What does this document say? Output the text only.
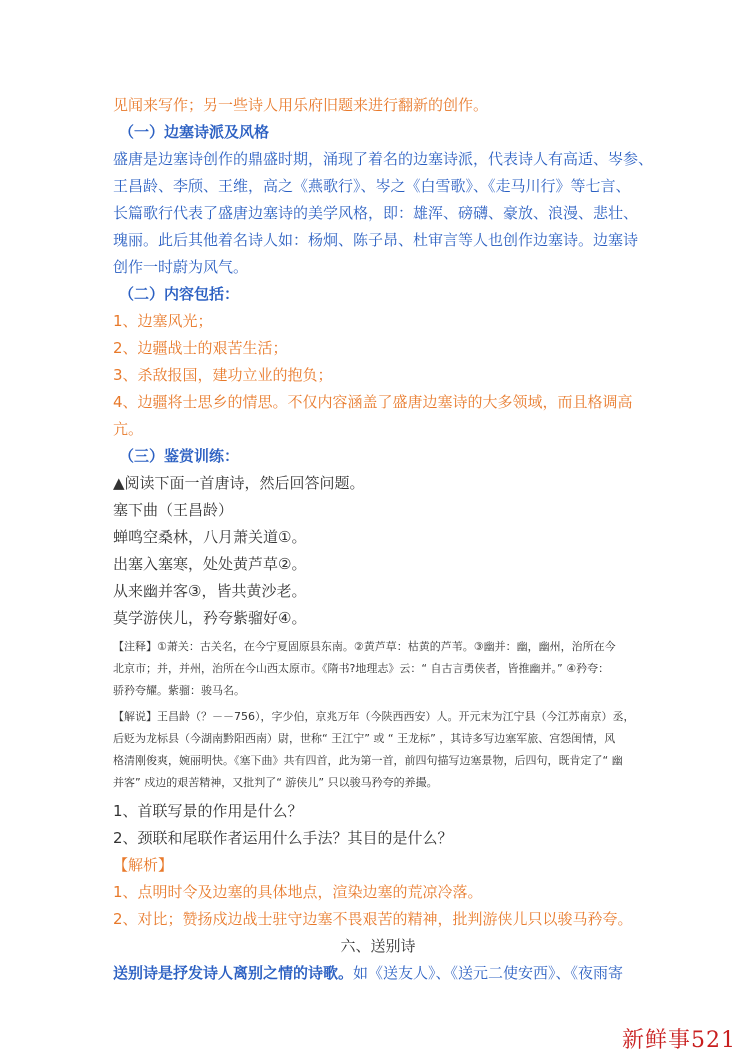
见闻来写作；另一些诗人用乐府旧题来进行翻新的创作。
（一）边塞诗派及风格
盛唐是边塞诗创作的鼎盛时期，涌现了着名的边塞诗派，代表诗人有高适、岑参、
王昌龄、李颀、王维，高之《燕歌行》、岑之《白雪歌》、《走马川行》等七言、
长篇歌行代表了盛唐边塞诗的美学风格，即：雄浑、磅礴、豪放、浪漫、悲壮、
瑰丽。此后其他着名诗人如：杨炯、陈子昂、杜审言等人也创作边塞诗。边塞诗
创作一时蔚为风气。
（二）内容包括：
1、边塞风光；
2、边疆战士的艰苦生活；
3、杀敌报国，建功立业的抱负；
4、边疆将士思乡的情思。不仅内容涵盖了盛唐边塞诗的大多领域，而且格调高
亢。
（三）鉴赏训练：
▲阅读下面一首唐诗，然后回答问题。
塞下曲（王昌龄）
蝉鸣空桑林，八月萧关道①。
出塞入塞寒，处处黄芦草②。
从来幽并客③，皆共黄沙老。
莫学游侠儿，矜夸紫骝好④。
【注释】①萧关：古关名，在今宁夏固原县东南。②黄芦草：枯黄的芦苇。③幽并：幽，幽州，治所在今
北京市；并，并州，治所在今山西太原市。《隋书?地理志》云：“ 自古言勇侠者，皆推幽并。” ④矜夸：
骄矜夸耀。紫骝：骏马名。
【解说】王昌龄（？－－756），字少伯，京兆万年（今陕西西安）人。开元末为江宁县（今江苏南京）丞，
后贬为龙标县（今湖南黔阳西南）尉，世称“ 王江宁” 或 “ 王龙标” ，其诗多写边塞军旅、宫怨闺情，风
格清刚俊爽，婉丽明快。《塞下曲》共有四首，此为第一首，前四句描写边塞景物，后四句，既肯定了“ 幽
并客” 戍边的艰苦精神，又批判了“ 游侠儿” 只以骏马矜夸的养撮。
1、首联写景的作用是什么？
2、颈联和尾联作者运用什么手法？其目的是什么？
【解析】
1、点明时令及边塞的具体地点，渲染边塞的荒凉冷落。
2、对比；赞扬戍边战士驻守边塞不畏艰苦的精神，批判游侠儿只以骏马矜夸。
六、送别诗
送别诗是抒发诗人离别之情的诗歌。如《送友人》、《送元二使安西》、《夜雨寄
新鲜事521
